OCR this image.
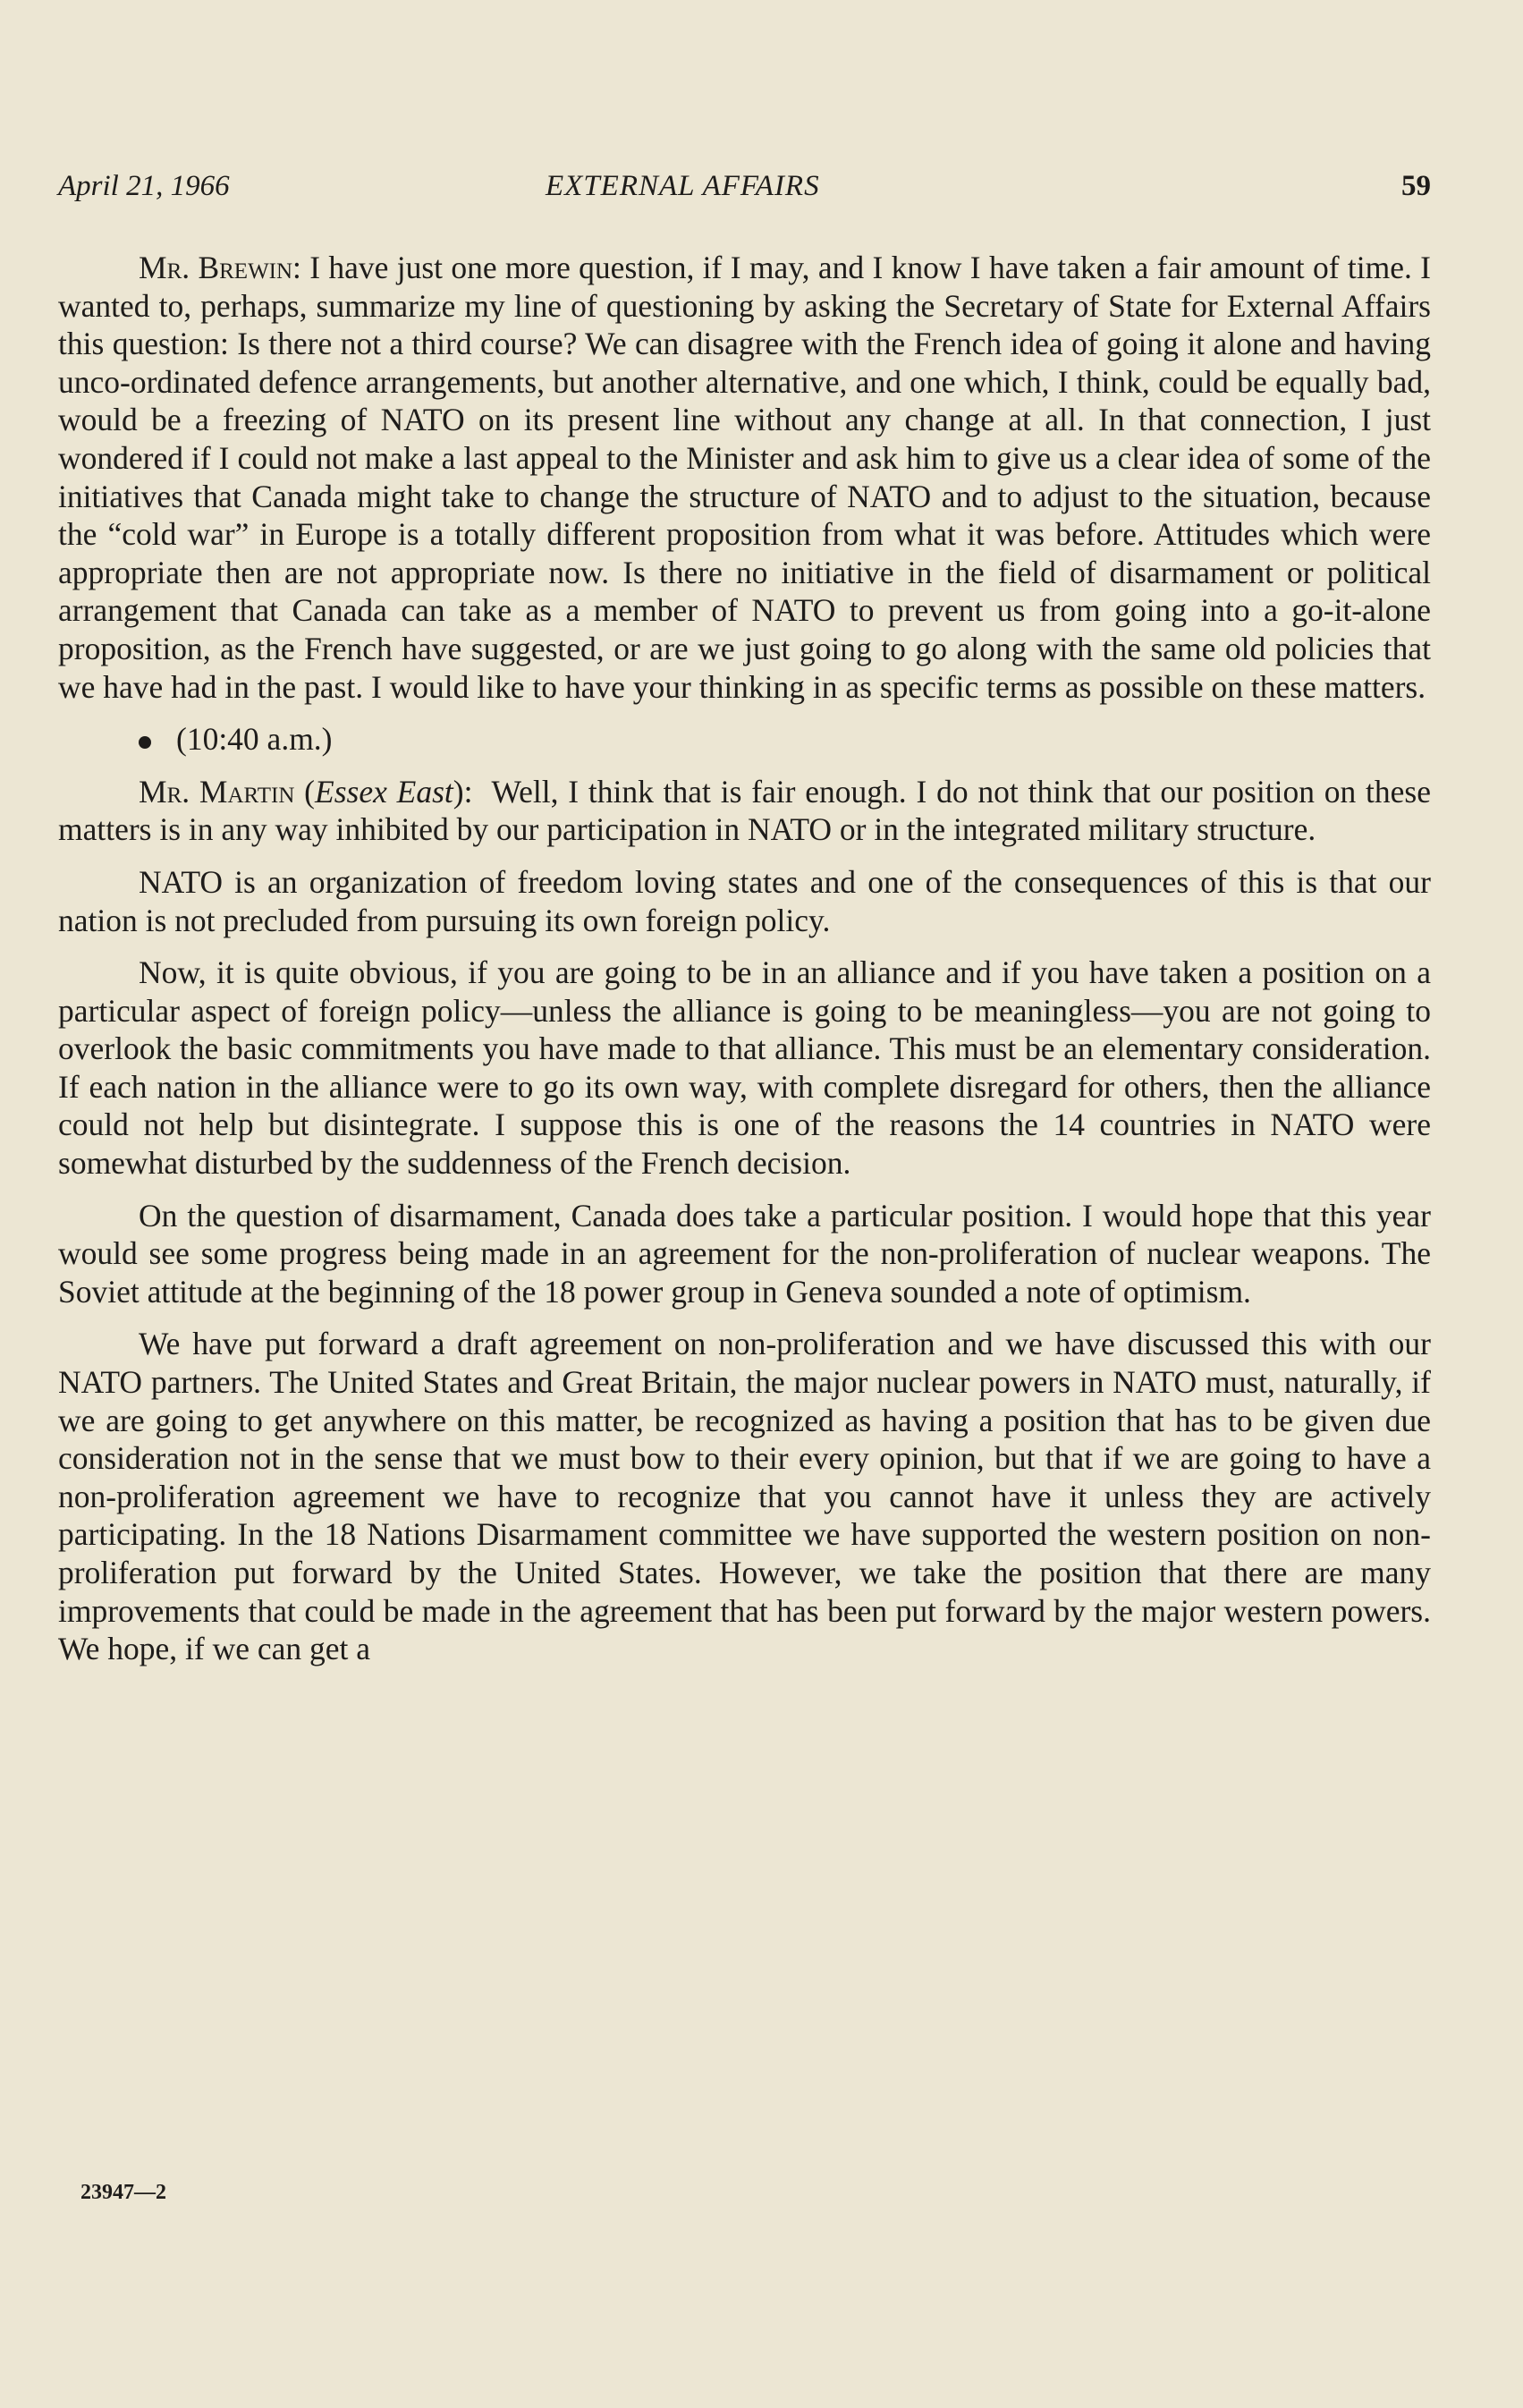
April 21, 1966	EXTERNAL AFFAIRS	59

Mr. Brewin: I have just one more question, if I may, and I know I have taken a fair amount of time. I wanted to, perhaps, summarize my line of questioning by asking the Secretary of State for External Affairs this question: Is there not a third course? We can disagree with the French idea of going it alone and having unco-ordinated defence arrangements, but another alternative, and one which, I think, could be equally bad, would be a freezing of NATO on its present line without any change at all. In that connection, I just wondered if I could not make a last appeal to the Minister and ask him to give us a clear idea of some of the initiatives that Canada might take to change the structure of NATO and to adjust to the situation, because the “cold war” in Europe is a totally different proposition from what it was before. Attitudes which were appropriate then are not appropriate now. Is there no initiative in the field of disarmament or political arrangement that Canada can take as a member of NATO to prevent us from going into a go-it-alone proposition, as the French have suggested, or are we just going to go along with the same old policies that we have had in the past. I would like to have your thinking in as specific terms as possible on these matters.

(10:40 a.m.)

Mr. Martin (Essex East):  Well, I think that is fair enough. I do not think that our position on these matters is in any way inhibited by our participation in NATO or in the integrated military structure.

NATO is an organization of freedom loving states and one of the consequences of this is that our nation is not precluded from pursuing its own foreign policy.

Now, it is quite obvious, if you are going to be in an alliance and if you have taken a position on a particular aspect of foreign policy—unless the alliance is going to be meaningless—you are not going to overlook the basic commitments you have made to that alliance. This must be an elementary consideration. If each nation in the alliance were to go its own way, with complete disregard for others, then the alliance could not help but disintegrate. I suppose this is one of the reasons the 14 countries in NATO were somewhat disturbed by the suddenness of the French decision.

On the question of disarmament, Canada does take a particular position. I would hope that this year would see some progress being made in an agreement for the non-proliferation of nuclear weapons. The Soviet attitude at the beginning of the 18 power group in Geneva sounded a note of optimism.

We have put forward a draft agreement on non-proliferation and we have discussed this with our NATO partners. The United States and Great Britain, the major nuclear powers in NATO must, naturally, if we are going to get anywhere on this matter, be recognized as having a position that has to be given due consideration not in the sense that we must bow to their every opinion, but that if we are going to have a non-proliferation agreement we have to recognize that you cannot have it unless they are actively participating. In the 18 Nations Disarmament committee we have supported the western position on non-proliferation put forward by the United States. However, we take the position that there are many improvements that could be made in the agreement that has been put forward by the major western powers. We hope, if we can get a

23947—2
